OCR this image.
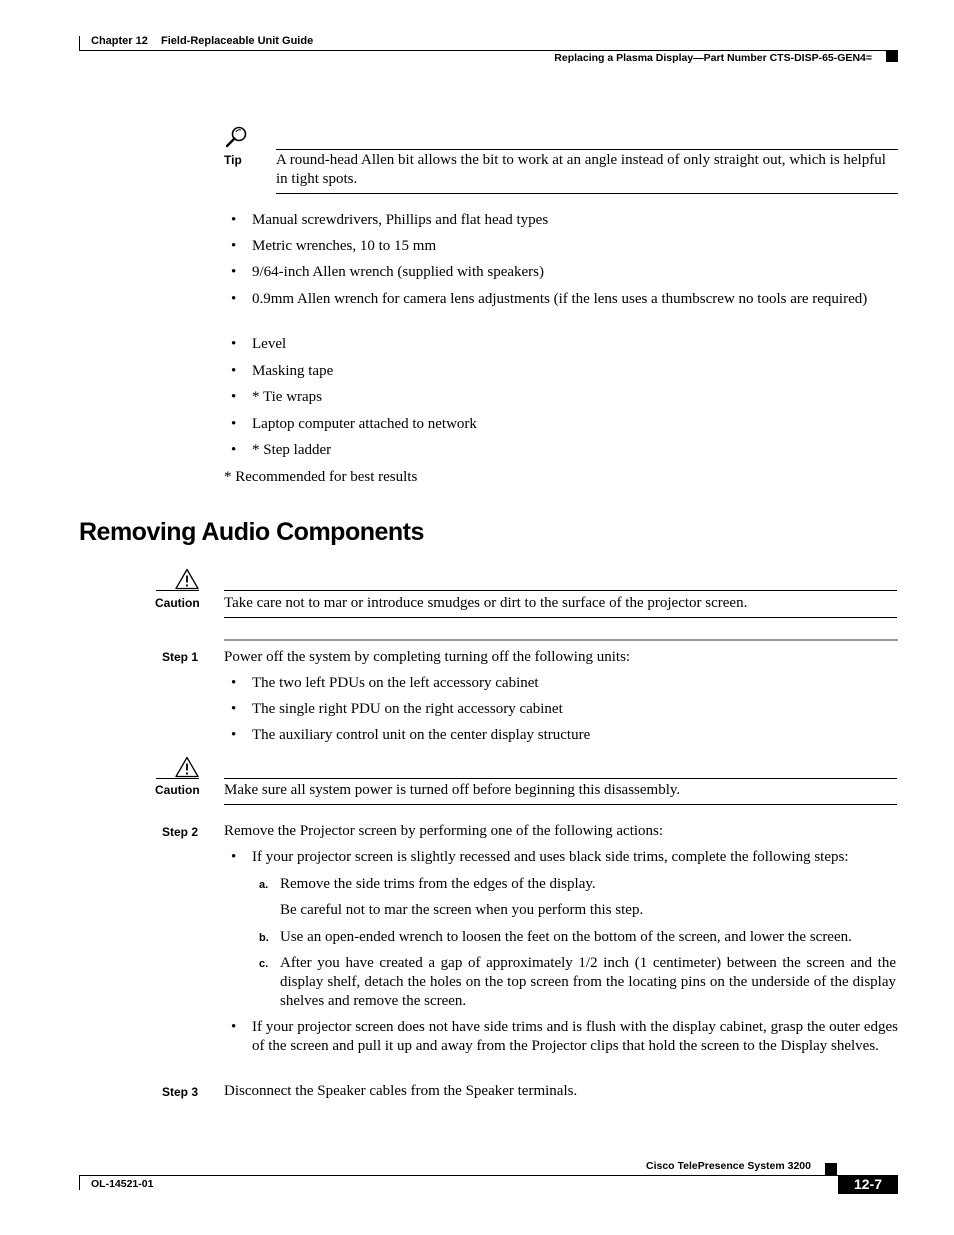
Chapter 12 Field-Replaceable Unit Guide
Replacing a Plasma Display—Part Number CTS-DISP-65-GEN4=
Tip A round-head Allen bit allows the bit to work at an angle instead of only straight out, which is helpful in tight spots.
• Manual screwdrivers, Phillips and flat head types
• Metric wrenches, 10 to 15 mm
• 9/64-inch Allen wrench (supplied with speakers)
• 0.9mm Allen wrench for camera lens adjustments (if the lens uses a thumbscrew no tools are required)
• Level
• Masking tape
• * Tie wraps
• Laptop computer attached to network
• * Step ladder
* Recommended for best results
Removing Audio Components
Caution Take care not to mar or introduce smudges or dirt to the surface of the projector screen.
Step 1 Power off the system by completing turning off the following units:
• The two left PDUs on the left accessory cabinet
• The single right PDU on the right accessory cabinet
• The auxiliary control unit on the center display structure
Caution Make sure all system power is turned off before beginning this disassembly.
Step 2 Remove the Projector screen by performing one of the following actions:
• If your projector screen is slightly recessed and uses black side trims, complete the following steps:
a. Remove the side trims from the edges of the display.
Be careful not to mar the screen when you perform this step.
b. Use an open-ended wrench to loosen the feet on the bottom of the screen, and lower the screen.
c. After you have created a gap of approximately 1/2 inch (1 centimeter) between the screen and the display shelf, detach the holes on the top screen from the locating pins on the underside of the display shelves and remove the screen.
• If your projector screen does not have side trims and is flush with the display cabinet, grasp the outer edges of the screen and pull it up and away from the Projector clips that hold the screen to the Display shelves.
Step 3 Disconnect the Speaker cables from the Speaker terminals.
Cisco TelePresence System 3200
OL-14521-01	12-7
